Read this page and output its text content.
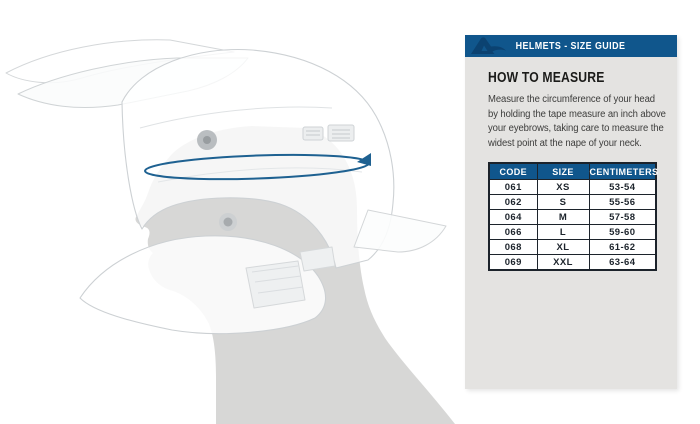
HELMETS - SIZE GUIDE
HOW TO MEASURE
Measure the circumference of your head
by holding the tape measure an inch above
your eyebrows, taking care to measure the
widest point at the nape of your neck.
CODE	SIZE	CENTIMETERS
061	XS	53-54
062	S	55-56
064	M	57-58
066	L	59-60
068	XL	61-62
069	XXL	63-64
